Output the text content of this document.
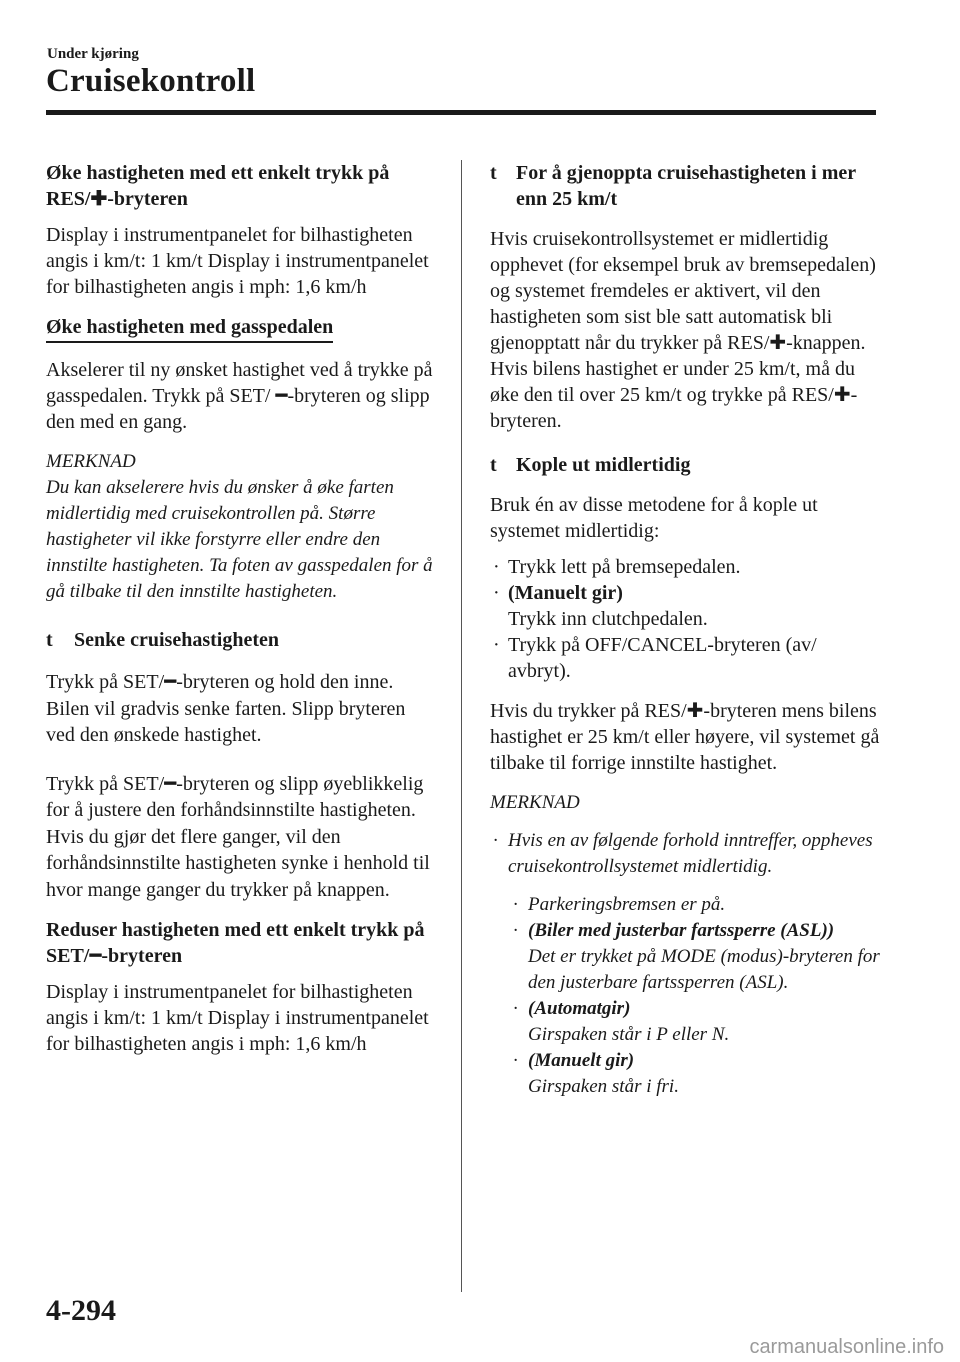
Under kjøring
Cruisekontroll
Øke hastigheten med ett enkelt trykk på RES/✚-bryteren
Display i instrumentpanelet for bilhastigheten angis i km/t: 1 km/t Display i instrumentpanelet for bilhastigheten angis i mph: 1,6 km/h
Øke hastigheten med gasspedalen
Akselerer til ny ønsket hastighet ved å trykke på gasspedalen. Trykk på SET/ ━-bryteren og slipp den med en gang.
MERKNAD
Du kan akselerere hvis du ønsker å øke farten midlertidig med cruisekontrollen på. Større hastigheter vil ikke forstyrre eller endre den innstilte hastigheten. Ta foten av gasspedalen for å gå tilbake til den innstilte hastigheten.
t Senke cruisehastigheten
Trykk på SET/━-bryteren og hold den inne. Bilen vil gradvis senke farten. Slipp bryteren ved den ønskede hastighet.
Trykk på SET/━-bryteren og slipp øyeblikkelig for å justere den forhåndsinnstilte hastigheten. Hvis du gjør det flere ganger, vil den forhåndsinnstilte hastigheten synke i henhold til hvor mange ganger du trykker på knappen.
Reduser hastigheten med ett enkelt trykk på SET/━-bryteren
Display i instrumentpanelet for bilhastigheten angis i km/t: 1 km/t Display i instrumentpanelet for bilhastigheten angis i mph: 1,6 km/h
t For å gjenoppta cruisehastigheten i mer enn 25 km/t
Hvis cruisekontrollsystemet er midlertidig opphevet (for eksempel bruk av bremsepedalen) og systemet fremdeles er aktivert, vil den hastigheten som sist ble satt automatisk bli gjenopptatt når du trykker på RES/✚-knappen. Hvis bilens hastighet er under 25 km/t, må du øke den til over 25 km/t og trykke på RES/✚-bryteren.
t Kople ut midlertidig
Bruk én av disse metodene for å kople ut systemet midlertidig:
· Trykk lett på bremsepedalen.
· (Manuelt gir)
Trykk inn clutchpedalen.
· Trykk på OFF/CANCEL-bryteren (av/ avbryt).
Hvis du trykker på RES/✚-bryteren mens bilens hastighet er 25 km/t eller høyere, vil systemet gå tilbake til forrige innstilte hastighet.
MERKNAD
· Hvis en av følgende forhold inntreffer, oppheves cruisekontrollsystemet midlertidig.
· Parkeringsbremsen er på.
· (Biler med justerbar fartssperre (ASL))
Det er trykket på MODE (modus)-bryteren for den justerbare fartssperren (ASL).
· (Automatgir)
Girspaken står i P eller N.
· (Manuelt gir)
Girspaken står i fri.
4-294
carmanualsonline.info
